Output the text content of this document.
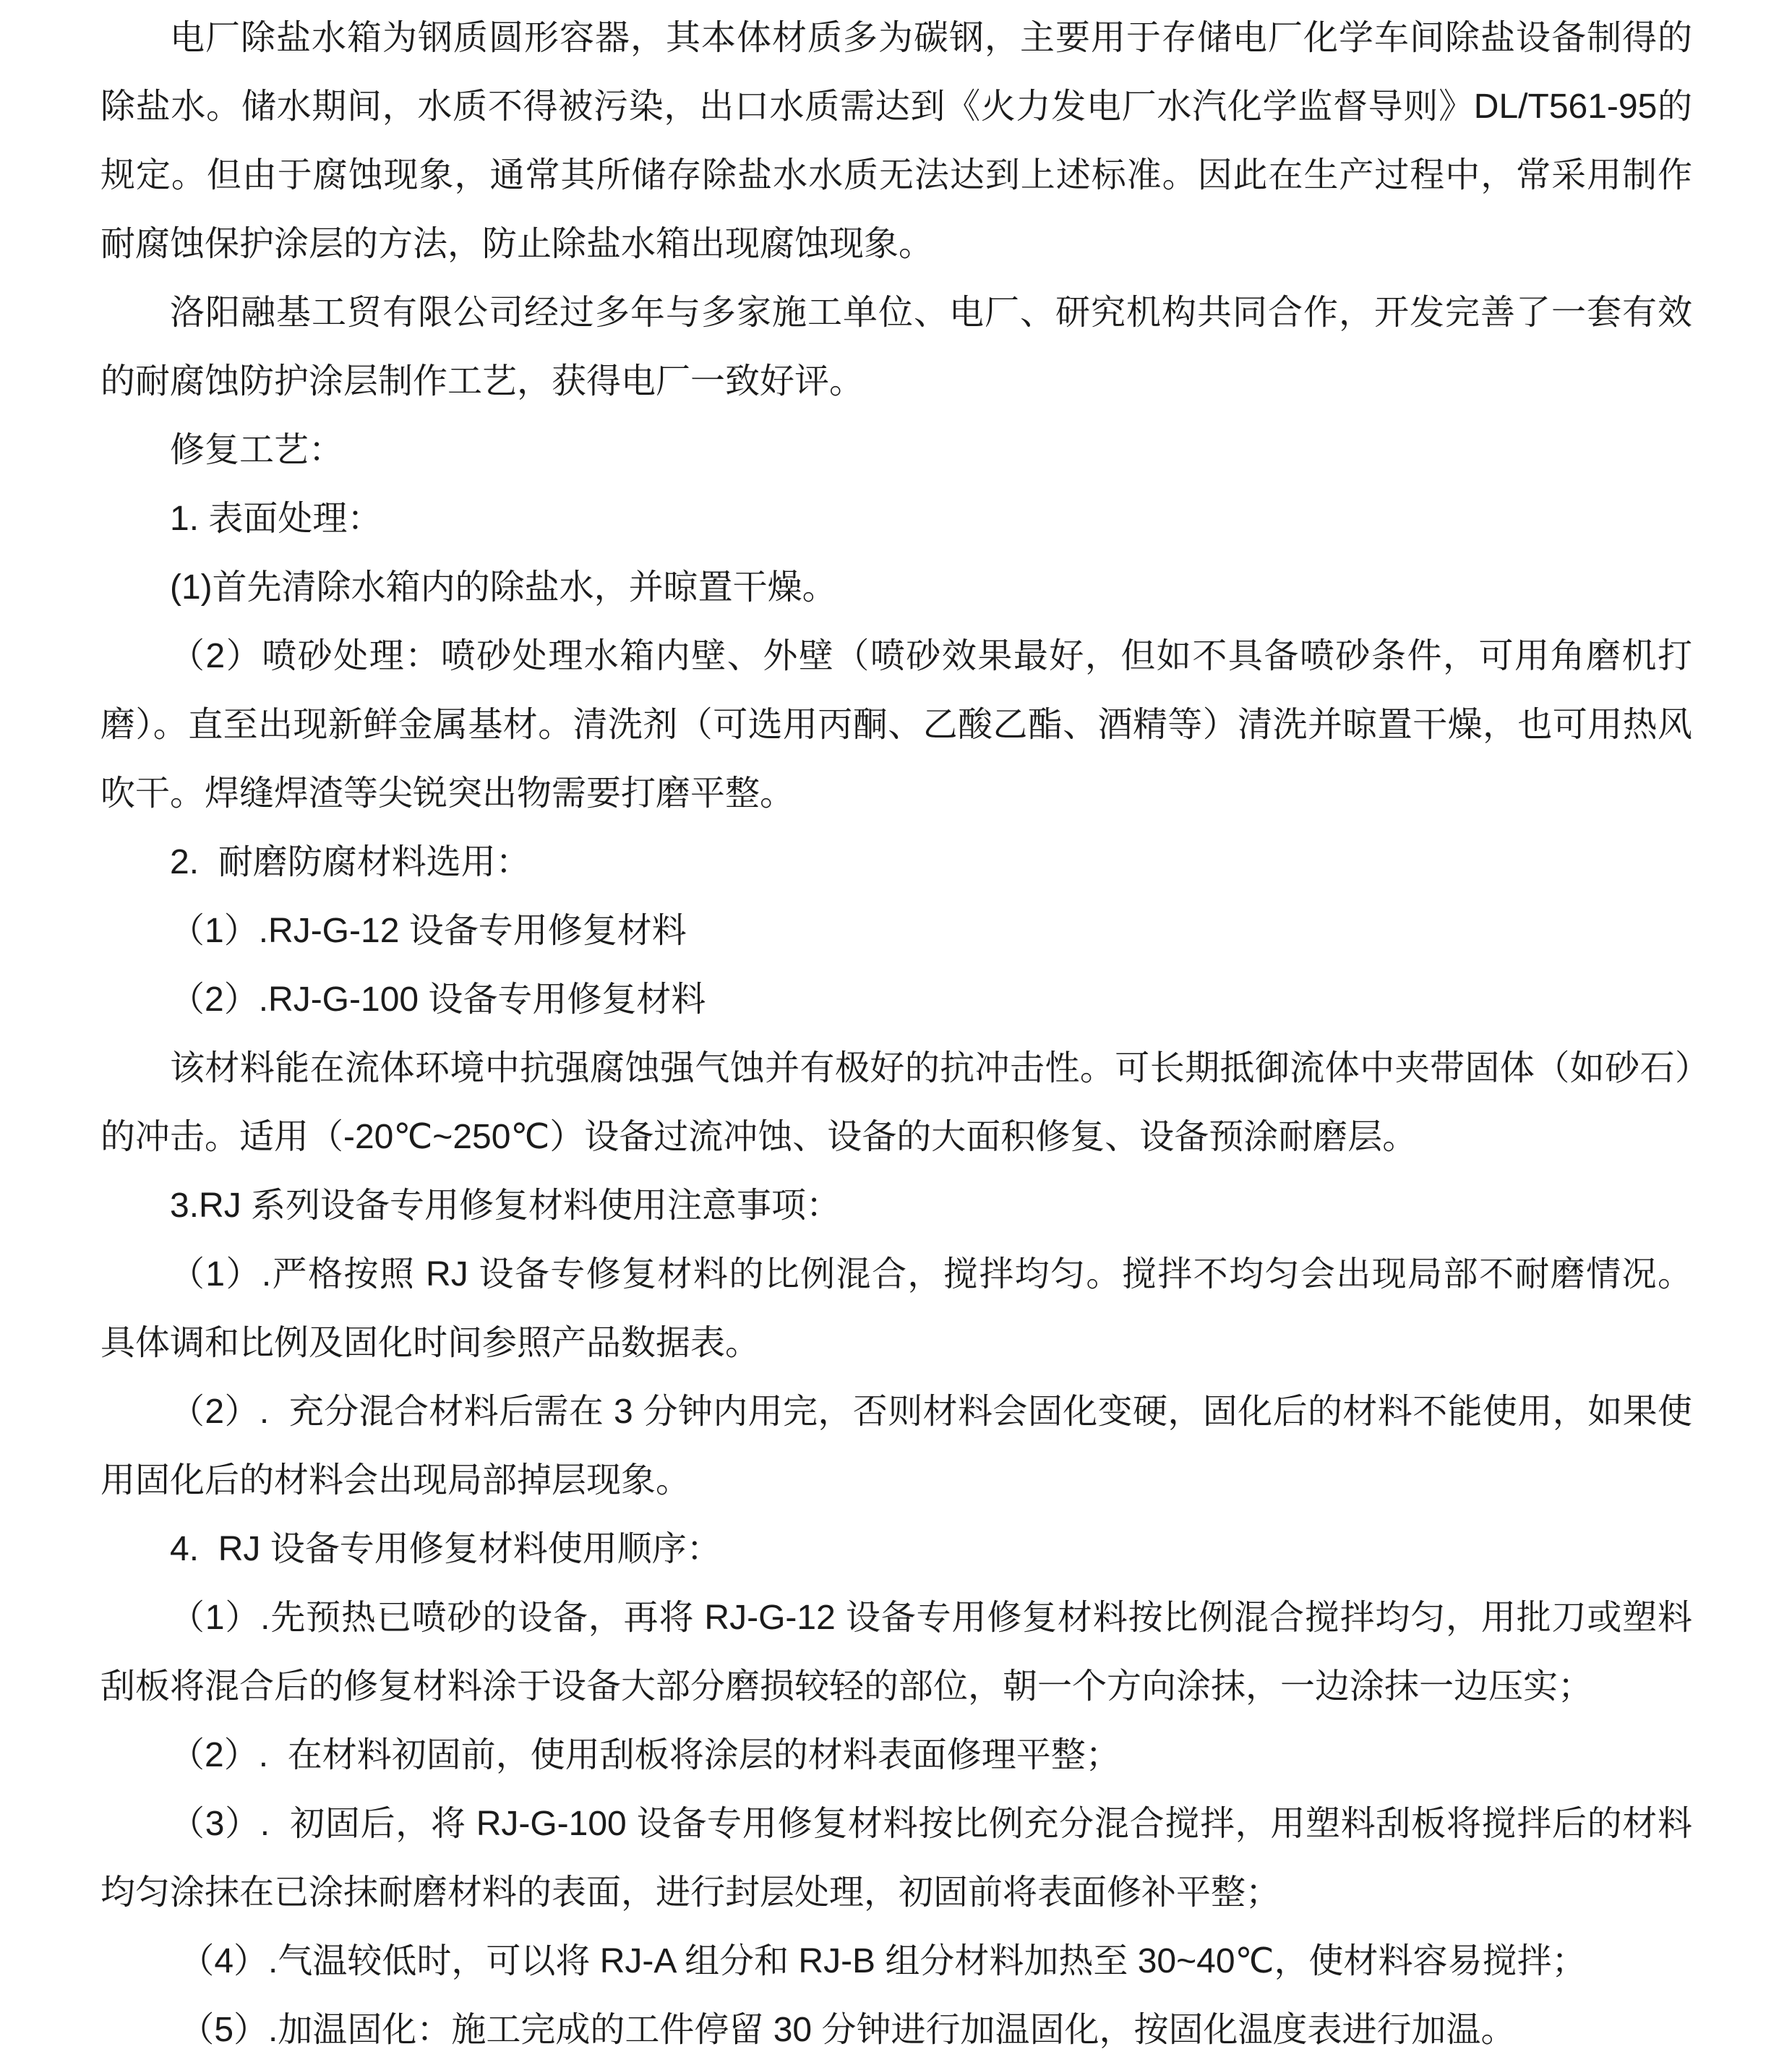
电厂除盐水箱为钢质圆形容器，其本体材质多为碳钢，主要用于存储电厂化学车间除盐设备制得的除盐水。储水期间，水质不得被污染，出口水质需达到《火力发电厂水汽化学监督导则》DL/T561-95的规定。但由于腐蚀现象，通常其所储存除盐水水质无法达到上述标准。因此在生产过程中，常采用制作耐腐蚀保护涂层的方法，防止除盐水箱出现腐蚀现象。

洛阳融基工贸有限公司经过多年与多家施工单位、电厂、研究机构共同合作，开发完善了一套有效的耐腐蚀防护涂层制作工艺，获得电厂一致好评。

修复工艺：

1. 表面处理：

(1)首先清除水箱内的除盐水，并晾置干燥。

（2）喷砂处理：喷砂处理水箱内壁、外壁（喷砂效果最好，但如不具备喷砂条件，可用角磨机打磨）。直至出现新鲜金属基材。清洗剂（可选用丙酮、乙酸乙酯、酒精等）清洗并晾置干燥，也可用热风吹干。焊缝焊渣等尖锐突出物需要打磨平整。

2.  耐磨防腐材料选用：

（1）.RJ-G-12 设备专用修复材料

（2）.RJ-G-100 设备专用修复材料

该材料能在流体环境中抗强腐蚀强气蚀并有极好的抗冲击性。可长期抵御流体中夹带固体（如砂石）的冲击。适用（-20℃~250℃）设备过流冲蚀、设备的大面积修复、设备预涂耐磨层。

3.RJ 系列设备专用修复材料使用注意事项：

（1）.严格按照 RJ 设备专修复材料的比例混合，搅拌均匀。搅拌不均匀会出现局部不耐磨情况。 具体调和比例及固化时间参照产品数据表。

（2）.  充分混合材料后需在 3 分钟内用完，否则材料会固化变硬，固化后的材料不能使用，如果使用固化后的材料会出现局部掉层现象。

4.  RJ 设备专用修复材料使用顺序：

（1）.先预热已喷砂的设备，再将 RJ-G-12 设备专用修复材料按比例混合搅拌均匀，用批刀或塑料刮板将混合后的修复材料涂于设备大部分磨损较轻的部位，朝一个方向涂抹，一边涂抹一边压实；

（2）.  在材料初固前，使用刮板将涂层的材料表面修理平整；

（3）.  初固后，将 RJ-G-100 设备专用修复材料按比例充分混合搅拌，用塑料刮板将搅拌后的材料均匀涂抹在已涂抹耐磨材料的表面，进行封层处理，初固前将表面修补平整；

（4）.气温较低时，可以将 RJ-A 组分和 RJ-B 组分材料加热至 30~40℃，使材料容易搅拌；

（5）.加温固化：施工完成的工件停留 30 分钟进行加温固化，按固化温度表进行加温。
